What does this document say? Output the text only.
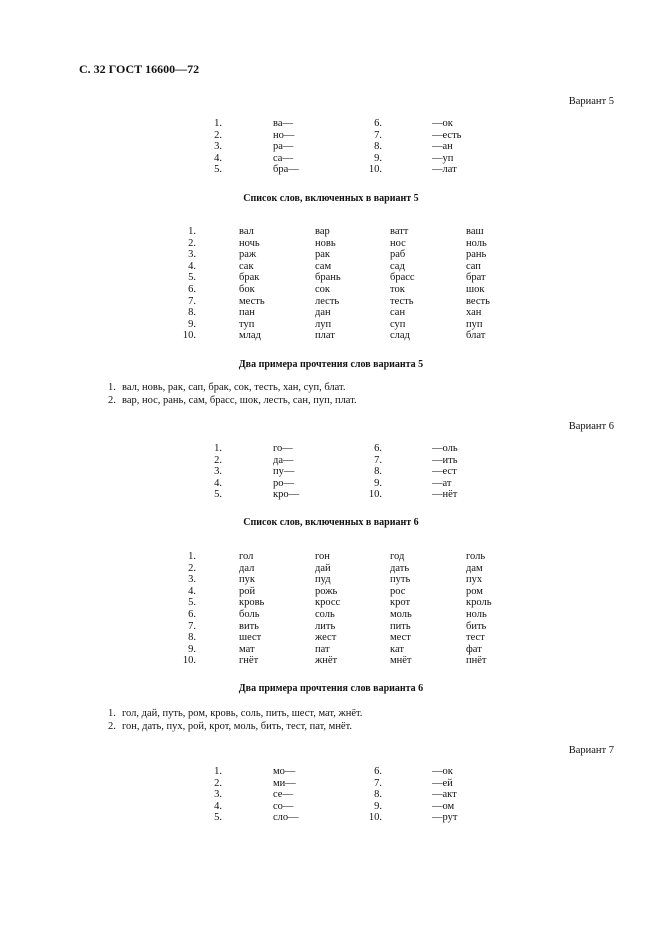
С. 32 ГОСТ 16600—72
Вариант 5
1.	ва—	6.	—ок
2.	но—	7.	—есть
3.	ра—	8.	—ан
4.	са—	9.	—уп
5.	бра—	10.	—лат
Список слов, включенных в вариант 5
1.	вал	вар	ватт	ваш
2.	ночь	новь	нос	ноль
3.	раж	рак	раб	рань
4.	сак	сам	сад	сап
5.	брак	брань	брасс	брат
6.	бок	сок	ток	шок
7.	месть	лесть	тесть	весть
8.	пан	дан	сан	хан
9.	туп	луп	суп	пуп
10.	млад	плат	слад	блат
Два примера прочтения слов варианта 5
1. вал, новь, рак, сап, брак, сок, тесть, хан, суп, блат.
2. вар, нос, рань, сам, брасс, шок, лесть, сан, пуп, плат.
Вариант 6
1.	го—	6.	—оль
2.	да—	7.	—ить
3.	пу—	8.	—ест
4.	ро—	9.	—ат
5.	кро—	10.	—нёт
Список слов, включенных в вариант 6
1.	гол	гон	год	голь
2.	дал	дай	дать	дам
3.	пук	пуд	путь	пух
4.	рой	рожь	рос	ром
5.	кровь	кросс	крот	кроль
6.	боль	соль	моль	ноль
7.	вить	лить	пить	бить
8.	шест	жест	мест	тест
9.	мат	пат	кат	фат
10.	гнёт	жнёт	мнёт	пнёт
Два примера прочтения слов варианта 6
1. гол, дай, путь, ром, кровь, соль, пить, шест, мат, жнёт.
2. гон, дать, пух, рой, крот, моль, бить, тест, пат, мнёт.
Вариант 7
1.	мо—	6.	—ок
2.	ми—	7.	—ей
3.	се—	8.	—акт
4.	со—	9.	—ом
5.	сло—	10.	—рут
